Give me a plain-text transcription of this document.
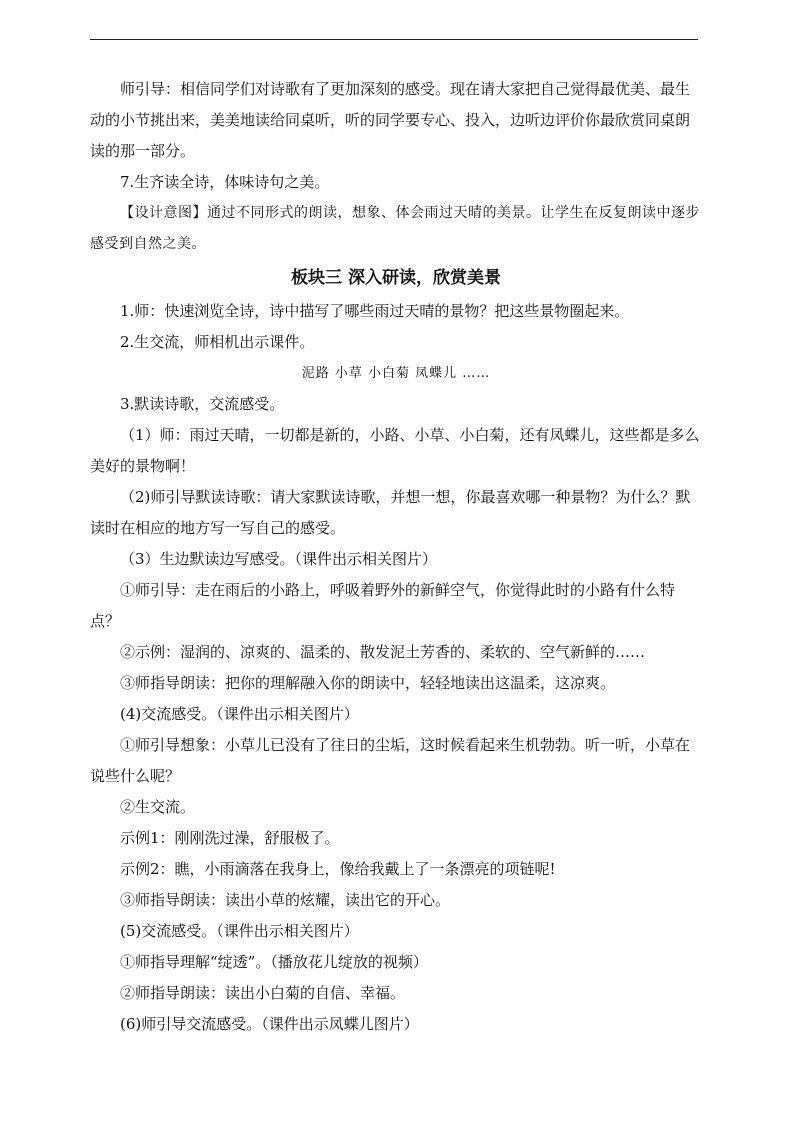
师引导：相信同学们对诗歌有了更加深刻的感受。现在请大家把自己觉得最优美、最生动的小节挑出来，美美地读给同桌听，听的同学要专心、投入，边听边评价你最欣赏同桌朗读的那一部分。

7.生齐读全诗，体味诗句之美。

【设计意图】通过不同形式的朗读，想象、体会雨过天晴的美景。让学生在反复朗读中逐步感受到自然之美。

板块三 深入研读，欣赏美景

1.师：快速浏览全诗，诗中描写了哪些雨过天晴的景物？把这些景物圈起来。

2.生交流，师相机出示课件。

泥路 小草 小白菊 凤蝶儿 ……

3.默读诗歌，交流感受。

（1）师：雨过天晴，一切都是新的，小路、小草、小白菊，还有凤蝶儿，这些都是多么美好的景物啊！

（2)师引导默读诗歌：请大家默读诗歌，并想一想，你最喜欢哪一种景物？为什么？默读时在相应的地方写一写自己的感受。

（3）生边默读边写感受。（课件出示相关图片）

①师引导：走在雨后的小路上，呼吸着野外的新鲜空气，你觉得此时的小路有什么特点？

②示例：湿润的、凉爽的、温柔的、散发泥土芳香的、柔软的、空气新鲜的……

③师指导朗读：把你的理解融入你的朗读中，轻轻地读出这温柔，这凉爽。

(4)交流感受。（课件出示相关图片）

①师引导想象：小草儿已没有了往日的尘垢，这时候看起来生机勃勃。听一听，小草在说些什么呢？

②生交流。

示例1：刚刚洗过澡，舒服极了。

示例2：瞧，小雨滴落在我身上，像给我戴上了一条漂亮的项链呢!

③师指导朗读：读出小草的炫耀，读出它的开心。

(5)交流感受。（课件出示相关图片）

①师指导理解“绽透”。（播放花儿绽放的视频）

②师指导朗读：读出小白菊的自信、幸福。

(6)师引导交流感受。（课件出示凤蝶儿图片）
